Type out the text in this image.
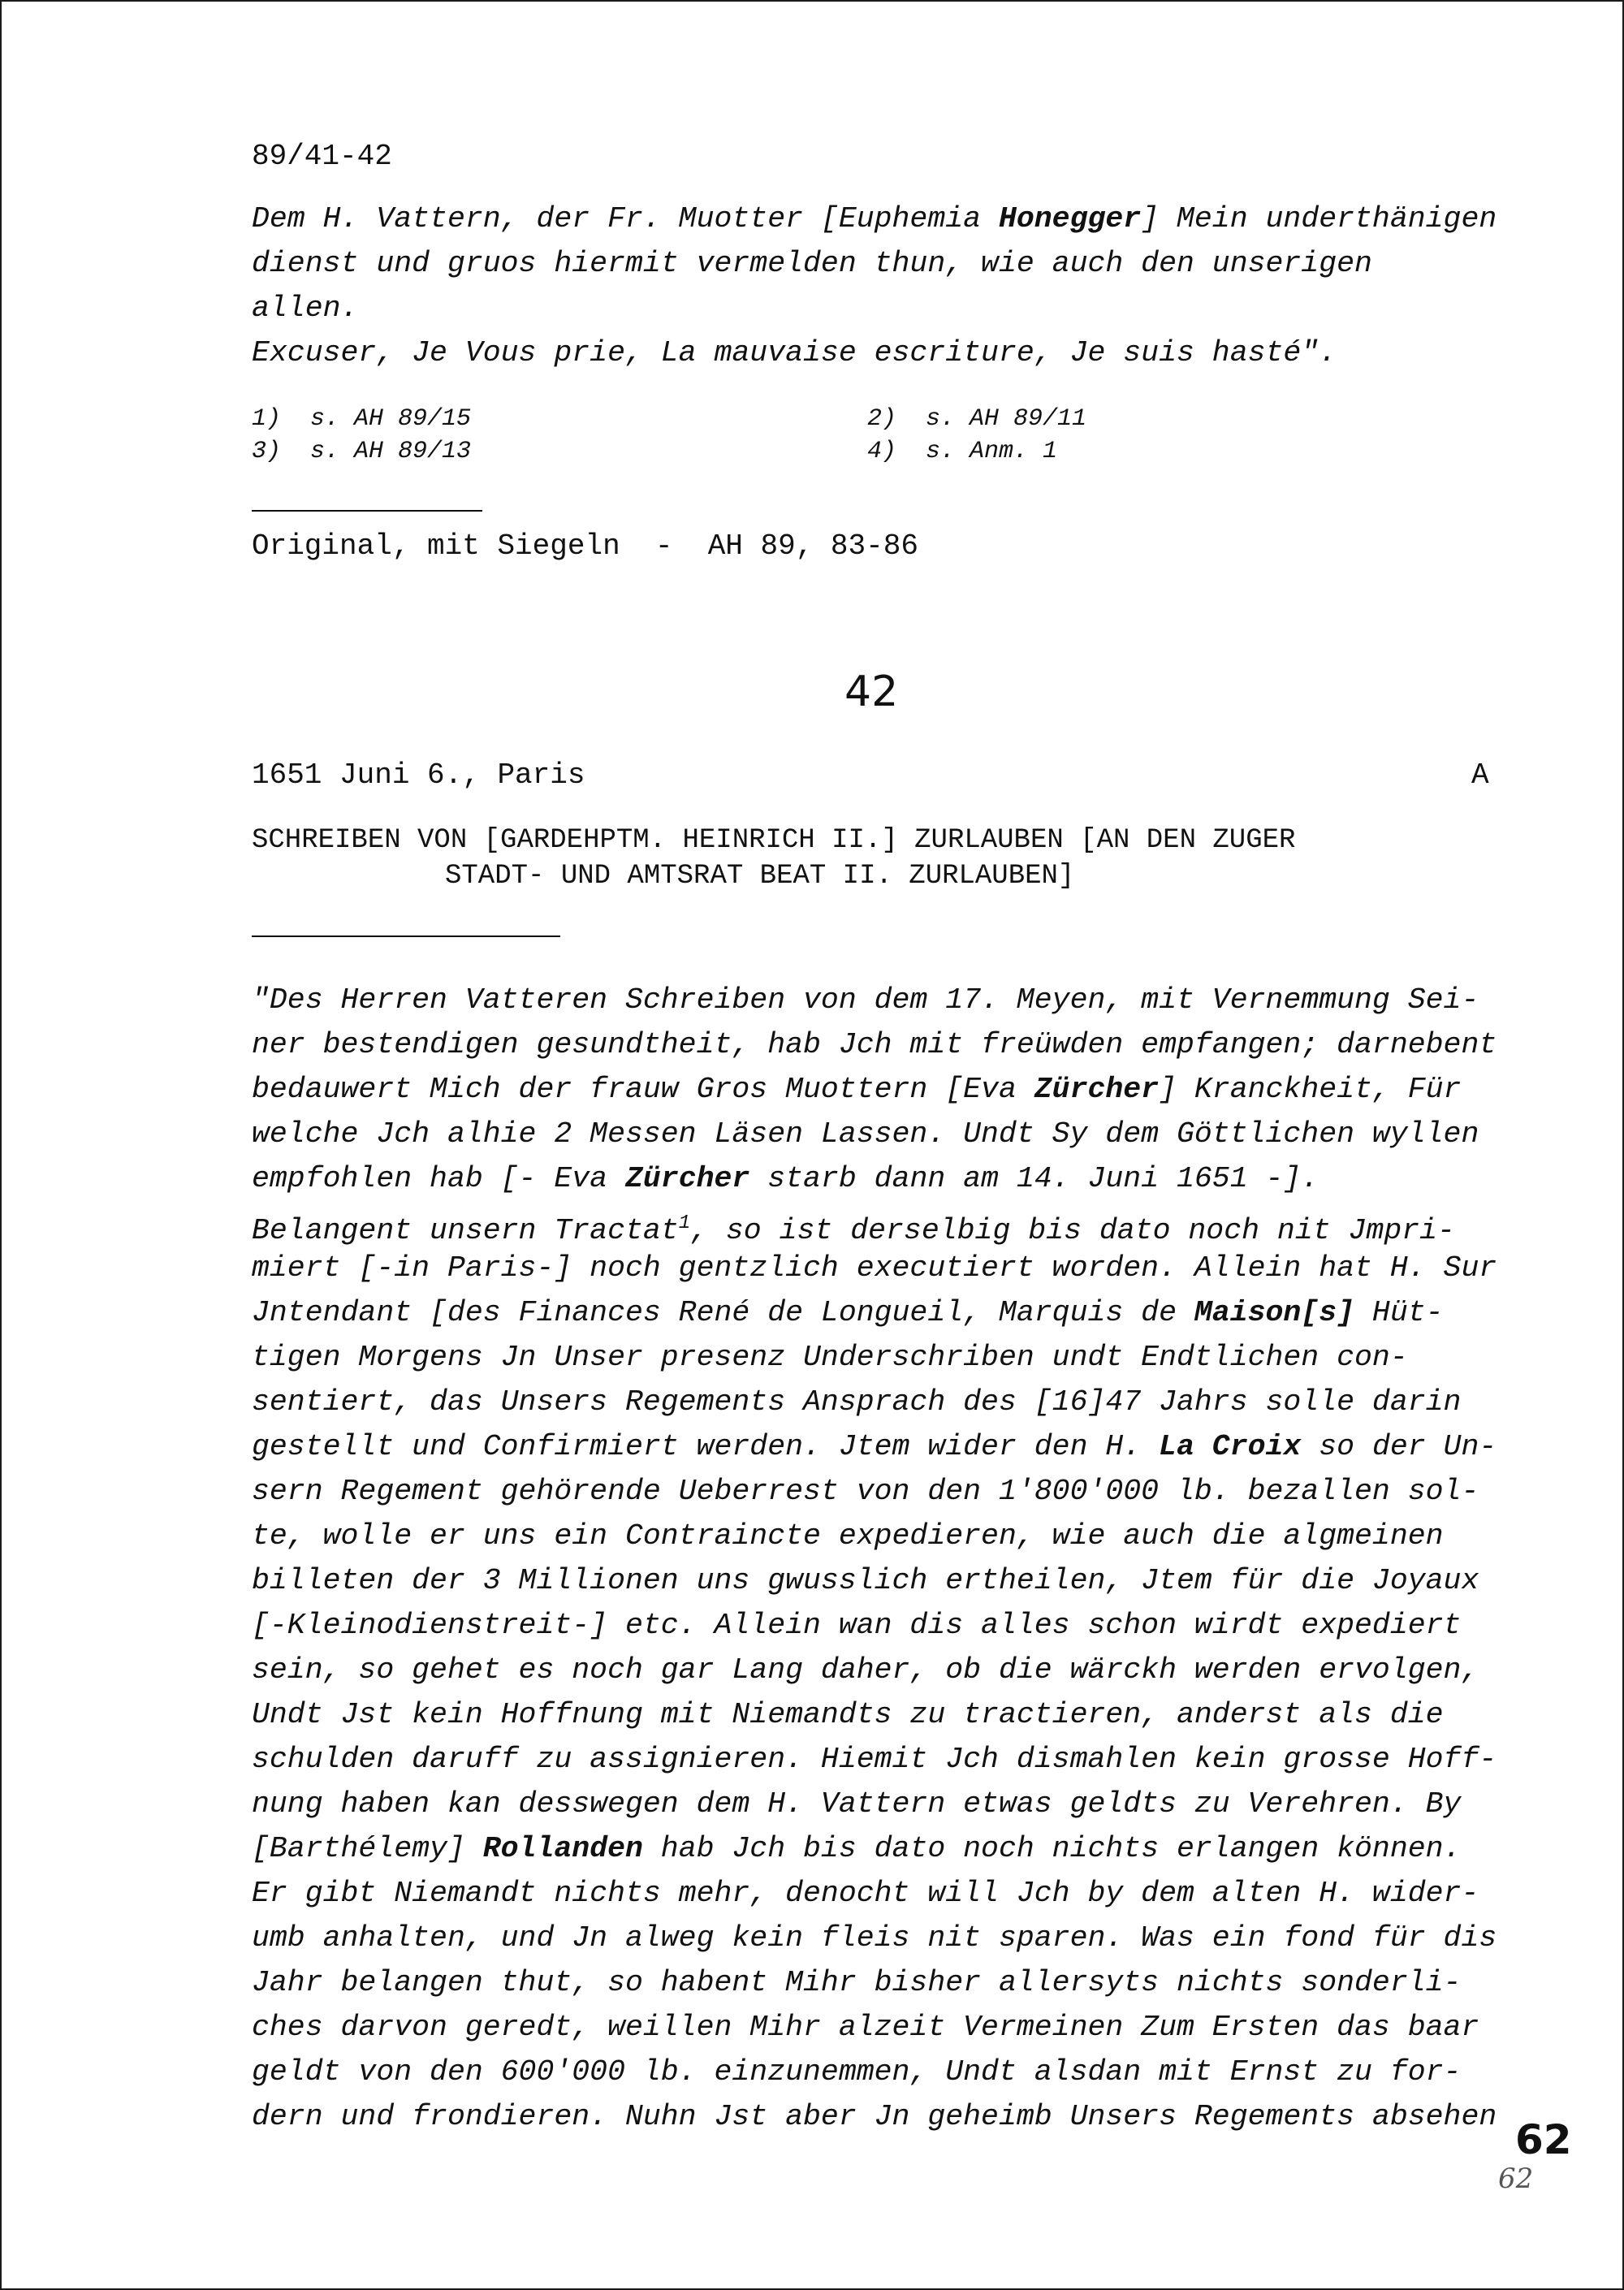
89/41-42
Dem H. Vattern, der Fr. Muotter [Euphemia Honegger] Mein underthänigen
dienst und gruos hiermit vermelden thun, wie auch den unserigen
allen.
Excuser, Je Vous prie, La mauvaise escriture, Je suis hasté".
1) s. AH 89/15	2) s. AH 89/11
3) s. AH 89/13	4) s. Anm. 1
Original, mit Siegeln  -  AH 89, 83-86
42
1651 Juni 6., Paris	A
SCHREIBEN VON [GARDEHPTM. HEINRICH II.] ZURLAUBEN [AN DEN ZUGER
STADT- UND AMTSRAT BEAT II. ZURLAUBEN]
"Des Herren Vatteren Schreiben von dem 17. Meyen, mit Vernemmung Sei-
ner bestendigen gesundtheit, hab Jch mit freüwden empfangen; darnebent
bedauwert Mich der frauw Gros Muottern [Eva Zürcher] Kranckheit, Für
welche Jch alhie 2 Messen Läsen Lassen. Undt Sy dem Göttlichen wyllen
empfohlen hab [- Eva Zürcher starb dann am 14. Juni 1651 -].
Belangent unsern Tractat$^1$, so ist derselbig bis dato noch nit Jmpri-
miert [-in Paris-] noch gentzlich executiert worden. Allein hat H. Sur
Jntendant [des Finances René de Longueil, Marquis de Maison[s] Hüt-
tigen Morgens Jn Unser presenz Underschriben undt Endtlichen con-
sentiert, das Unsers Regements Ansprach des [16]47 Jahrs solle darin
gestellt und Confirmiert werden. Jtem wider den H. La Croix so der Un-
sern Regement gehörende Ueberrest von den 1'800'000 lb. bezallen sol-
te, wolle er uns ein Contraincte expedieren, wie auch die algmeinen
billeten der 3 Millionen uns gwusslich ertheilen, Jtem für die Joyaux
[-Kleinodienstreit-] etc. Allein wan dis alles schon wirdt expediert
sein, so gehet es noch gar Lang daher, ob die wärckh werden ervolgen,
Undt Jst kein Hoffnung mit Niemandts zu tractieren, anderst als die
schulden daruff zu assignieren. Hiemit Jch dismahlen kein grosse Hoff-
nung haben kan desswegen dem H. Vattern etwas geldts zu Verehren. By
[Barthélemy] Rollanden hab Jch bis dato noch nichts erlangen können.
Er gibt Niemandt nichts mehr, denocht will Jch by dem alten H. wider-
umb anhalten, und Jn alweg kein fleis nit sparen. Was ein fond für dis
Jahr belangen thut, so habent Mihr bisher allersyts nichts sonderli-
ches darvon geredt, weillen Mihr alzeit Vermeinen Zum Ersten das baar
geldt von den 600'000 lb. einzunemmen, Undt alsdan mit Ernst zu for-
dern und frondieren. Nuhn Jst aber Jn geheimb Unsers Regements absehen 62
62
